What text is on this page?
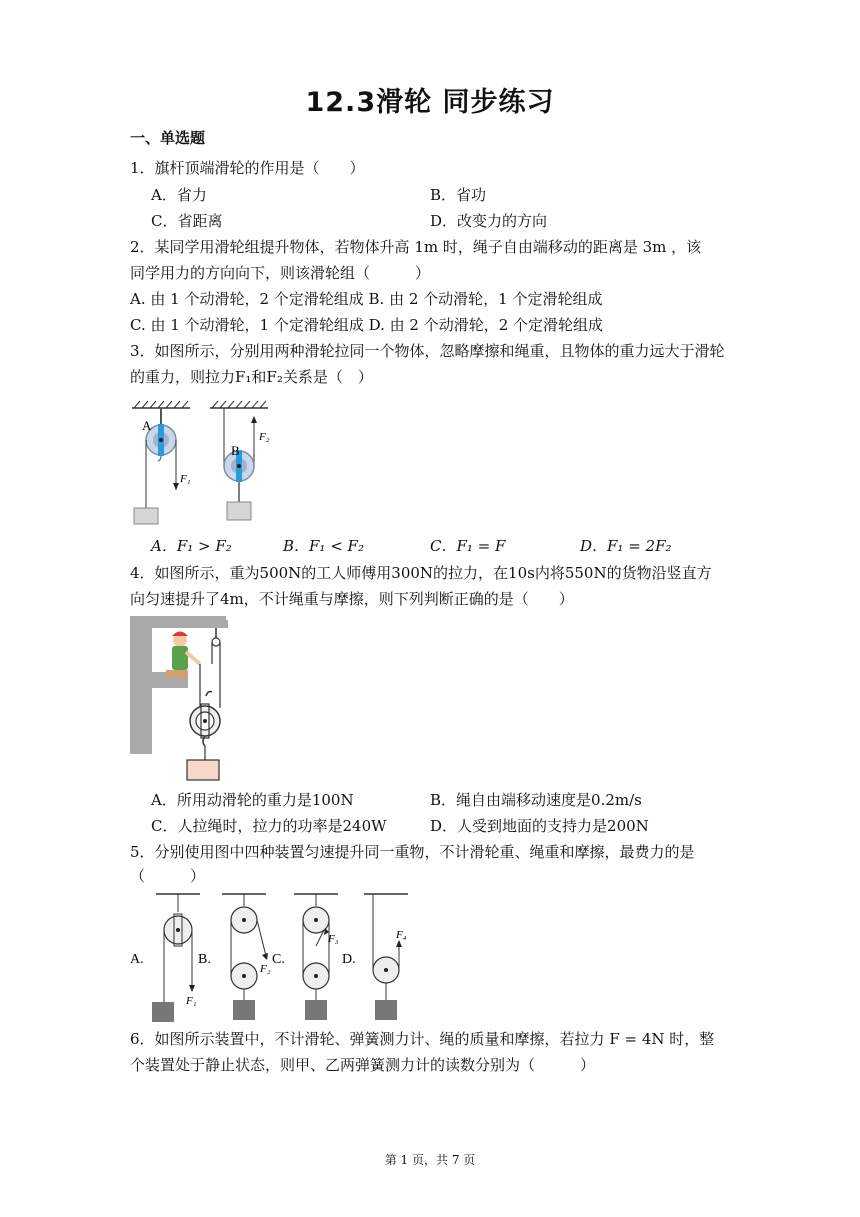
12.3滑轮 同步练习
一、单选题
1．旗杆顶端滑轮的作用是（　　）
A．省力	B．省功
C．省距离	D．改变力的方向
2．某同学用滑轮组提升物体，若物体升高 1m 时，绳子自由端移动的距离是 3m ，该
同学用力的方向向下，则该滑轮组（　　　）
A. 由 1 个动滑轮，2 个定滑轮组成 B. 由 2 个动滑轮，1 个定滑轮组成
C. 由 1 个动滑轮，1 个定滑轮组成 D. 由 2 个动滑轮，2 个定滑轮组成
3．如图所示，分别用两种滑轮拉同一个物体，忽略摩擦和绳重，且物体的重力远大于滑轮
的重力，则拉力F₁和F₂关系是（　）
A
F₁
B
F₂
A．F₁ > F₂	B．F₁ < F₂	C．F₁ = F	D．F₁ = 2F₂
4．如图所示，重为500N的工人师傅用300N的拉力，在10s内将550N的货物沿竖直方
向匀速提升了4m，不计绳重与摩擦，则下列判断正确的是（　　）
A．所用动滑轮的重力是100N	B．绳自由端移动速度是0.2m/s
C．人拉绳时，拉力的功率是240W	D．人受到地面的支持力是200N
5．分别使用图中四种装置匀速提升同一重物，不计滑轮重、绳重和摩擦，最费力的是
（　　　）
A.
F₁
B.
F₂
C.
F₃
D.
F₄
6．如图所示装置中，不计滑轮、弹簧测力计、绳的质量和摩擦，若拉力 F = 4N 时，整
个装置处于静止状态，则甲、乙两弹簧测力计的读数分别为（　　　）
第 1 页，共 7 页
